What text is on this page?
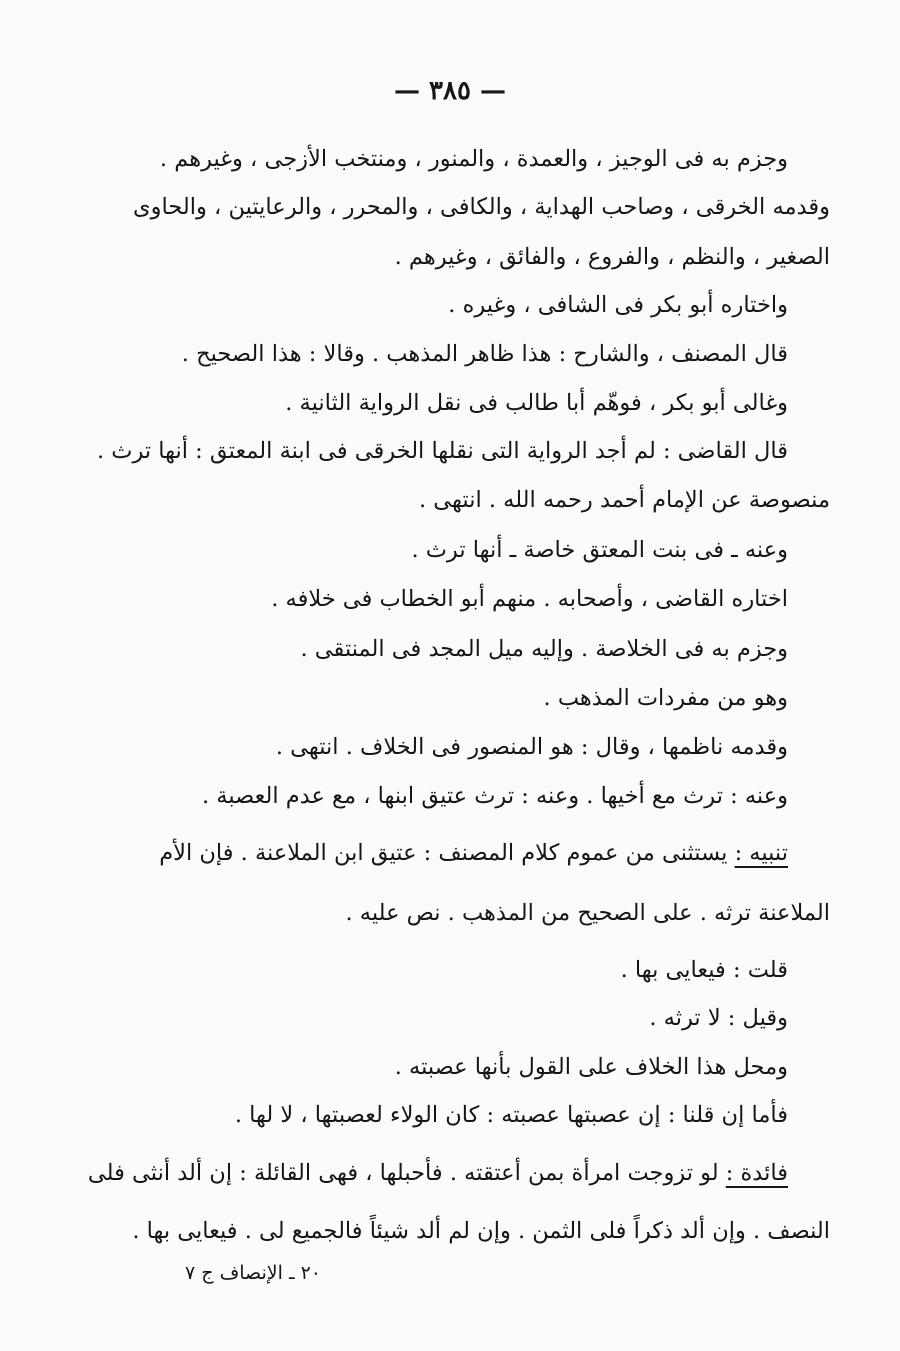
— ٣٨٥ —
وجزم به فى الوجيز ، والعمدة ، والمنور ، ومنتخب الأزجى ، وغيرهم .
وقدمه الخرقى ، وصاحب الهداية ، والكافى ، والمحرر ، والرعايتين ، والحاوى
الصغير ، والنظم ، والفروع ، والفائق ، وغيرهم .
واختاره أبو بكر فى الشافى ، وغيره .
قال المصنف ، والشارح : هذا ظاهر المذهب . وقالا : هذا الصحيح .
وغالى أبو بكر ، فوهّم أبا طالب فى نقل الرواية الثانية .
قال القاضى : لم أجد الرواية التى نقلها الخرقى فى ابنة المعتق : أنها ترث .
منصوصة عن الإمام أحمد رحمه الله . انتهى .
وعنه ـ فى بنت المعتق خاصة ـ أنها ترث .
اختاره القاضى ، وأصحابه . منهم أبو الخطاب فى خلافه .
وجزم به فى الخلاصة . وإليه ميل المجد فى المنتقى .
وهو من مفردات المذهب .
وقدمه ناظمها ، وقال : هو المنصور فى الخلاف . انتهى .
وعنه : ترث مع أخيها . وعنه : ترث عتيق ابنها ، مع عدم العصبة .
تنبيه : يستثنى من عموم كلام المصنف : عتيق ابن الملاعنة . فإن الأم
الملاعنة ترثه . على الصحيح من المذهب . نص عليه .
قلت : فيعايى بها .
وقيل : لا ترثه .
ومحل هذا الخلاف على القول بأنها عصبته .
فأما إن قلنا : إن عصبتها عصبته : كان الولاء لعصبتها ، لا لها .
فائدة : لو تزوجت امرأة بمن أعتقته . فأحبلها ، فهى القائلة : إن ألد أنثى فلى
النصف . وإن ألد ذكراً فلى الثمن . وإن لم ألد شيئاً فالجميع لى . فيعايى بها .
٢٠ ـ الإنصاف ج ٧
